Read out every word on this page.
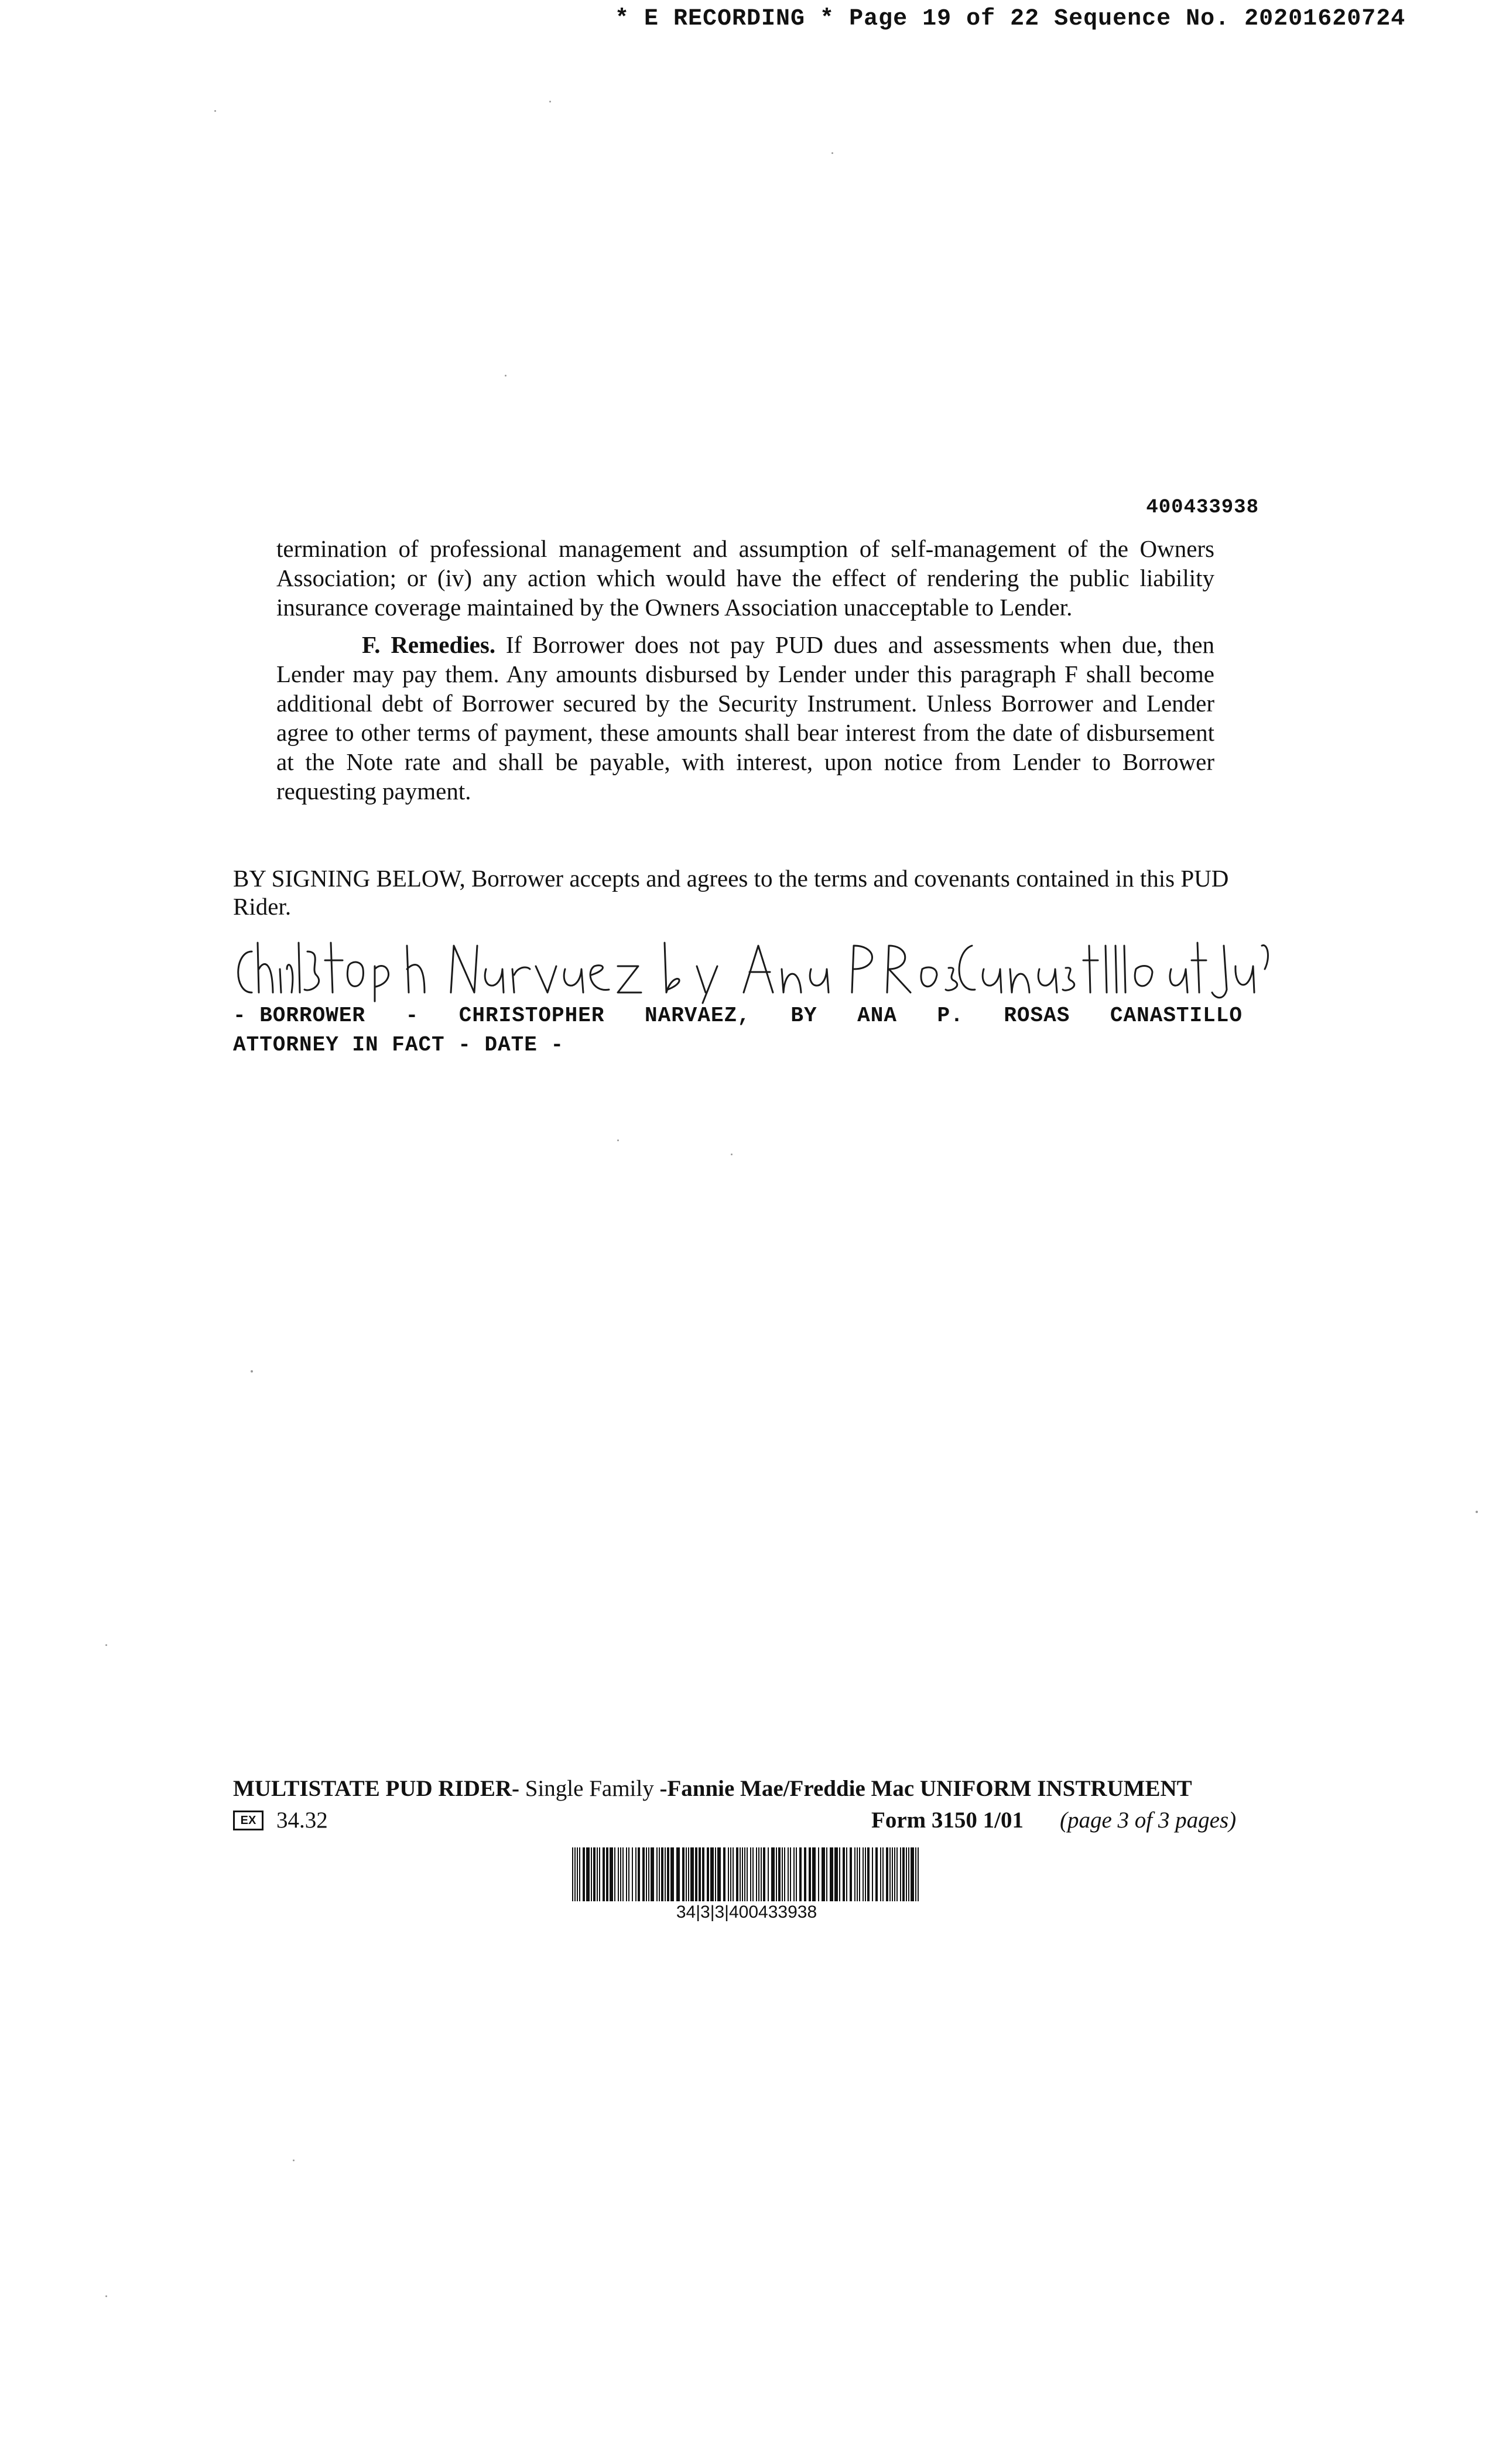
* E RECORDING * Page 19 of 22 Sequence No. 20201620724
400433938

termination of professional management and assumption of self-management of the Owners Association; or (iv) any action which would have the effect of rendering the public liability insurance coverage maintained by the Owners Association unacceptable to Lender.

F. Remedies. If Borrower does not pay PUD dues and assessments when due, then Lender may pay them. Any amounts disbursed by Lender under this paragraph F shall become additional debt of Borrower secured by the Security Instrument. Unless Borrower and Lender agree to other terms of payment, these amounts shall bear interest from the date of disbursement at the Note rate and shall be payable, with interest, upon notice from Lender to Borrower requesting payment.

BY SIGNING BELOW, Borrower accepts and agrees to the terms and covenants contained in this PUD Rider.
- BORROWER - CHRISTOPHER NARVAEZ, BY ANA P. ROSAS CANASTILLO
ATTORNEY IN FACT - DATE -
MULTISTATE PUD RIDER- Single Family -Fannie Mae/Freddie Mac UNIFORM INSTRUMENT
EX 34.32	Form 3150 1/01 (page 3 of 3 pages)
34|3|3|400433938
